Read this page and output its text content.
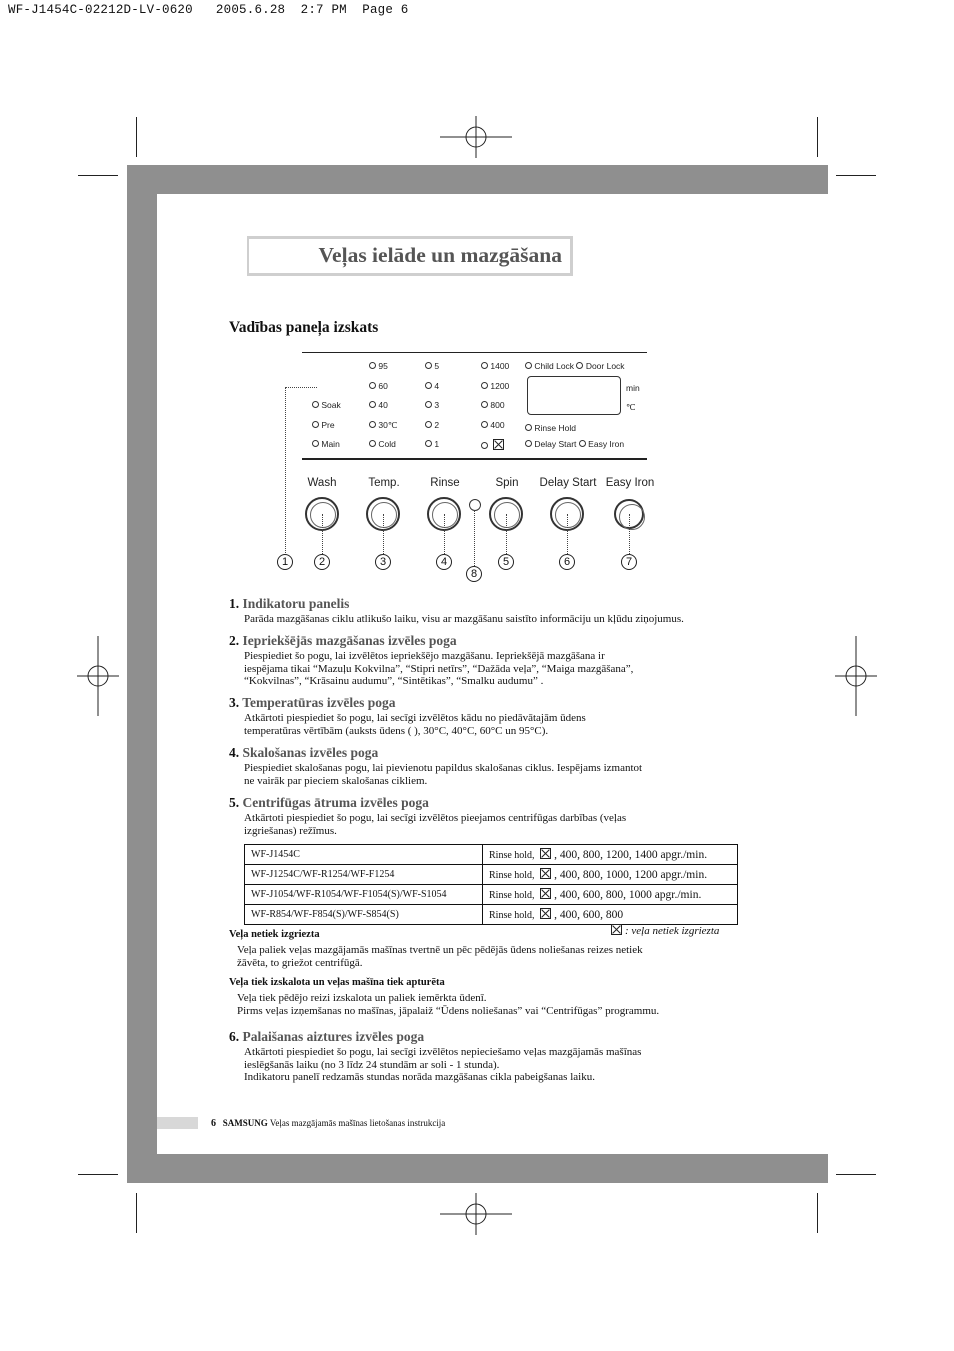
WF-J1454C-02212D-LV-0620   2005.6.28  2:7 PM  Page 6
Veļas ielāde un mazgāšana
Vadības paneļa izskats
Soak
Pre
Main
95
60
40
30℃
Cold
5
4
3
2
1
1400
1200
800
400

Child Lock Door Lock
min
℃
Rinse Hold
Delay Start Easy Iron
Wash	Temp.	Rinse	Spin	Delay Start Easy Iron
1	2	3	4	5	6	7
8
1. Indikatoru panelis
Parāda mazgāšanas ciklu atlikušo laiku, visu ar mazgāšanu saistīto informāciju un kļūdu ziņojumus.
2. Iepriekšējās mazgāšanas izvēles poga
Piespiediet šo pogu, lai izvēlētos iepriekšējo mazgāšanu. Iepriekšējā mazgāšana ir
iespējama tikai “Mazuļu Kokvilna”, “Stipri netīrs”, “Dažāda veļa”, “Maiga mazgāšana”,
“Kokvilnas”, “Krāsainu audumu”, “Sintētikas”, “Smalku audumu” .
3. Temperatūras izvēles poga
Atkārtoti piespiediet šo pogu, lai secīgi izvēlētos kādu no piedāvātajām ūdens
temperatūras vērtībām (auksts ūdens ( ), 30°C, 40°C, 60°C un 95°C).
4. Skalošanas izvēles poga
Piespiediet skalošanas pogu, lai pievienotu papildus skalošanas ciklus. Iespējams izmantot
ne vairāk par pieciem skalošanas cikliem.
5. Centrifūgas ātruma izvēles poga
Atkārtoti piespiediet šo pogu, lai secīgi izvēlētos pieejamos centrifūgas darbības (veļas
izgriešanas) režīmus.
WF-J1454C	Rinse hold, , 400, 800, 1200, 1400 apgr./min.
WF-J1254C/WF-R1254/WF-F1254	Rinse hold, , 400, 800, 1000, 1200 apgr./min.
WF-J1054/WF-R1054/WF-F1054(S)/WF-S1054	Rinse hold, , 400, 600, 800, 1000 apgr./min.
WF-R854/WF-F854(S)/WF-S854(S)	Rinse hold, , 400, 600, 800
: veļa netiek izgriezta
Veļa netiek izgriezta
Veļa paliek veļas mazgājamās mašīnas tvertnē un pēc pēdējās ūdens noliešanas reizes netiek
žāvēta, to griežot centrifūgā.
Veļa tiek izskalota un veļas mašīna tiek apturēta
Veļa tiek pēdējo reizi izskalota un paliek iemērkta ūdenī.
Pirms veļas izņemšanas no mašīnas, jāpalaiž “Ūdens noliešanas” vai “Centrifūgas” programmu.
6. Palaišanas aiztures izvēles poga
Atkārtoti piespiediet šo pogu, lai secīgi izvēlētos nepieciešamo veļas mazgājamās mašīnas
ieslēgšanās laiku (no 3 līdz 24 stundām ar soli - 1 stunda).
Indikatoru panelī redzamās stundas norāda mazgāšanas cikla pabeigšanas laiku.
6 SAMSUNG Veļas mazgājamās mašīnas lietošanas instrukcija
